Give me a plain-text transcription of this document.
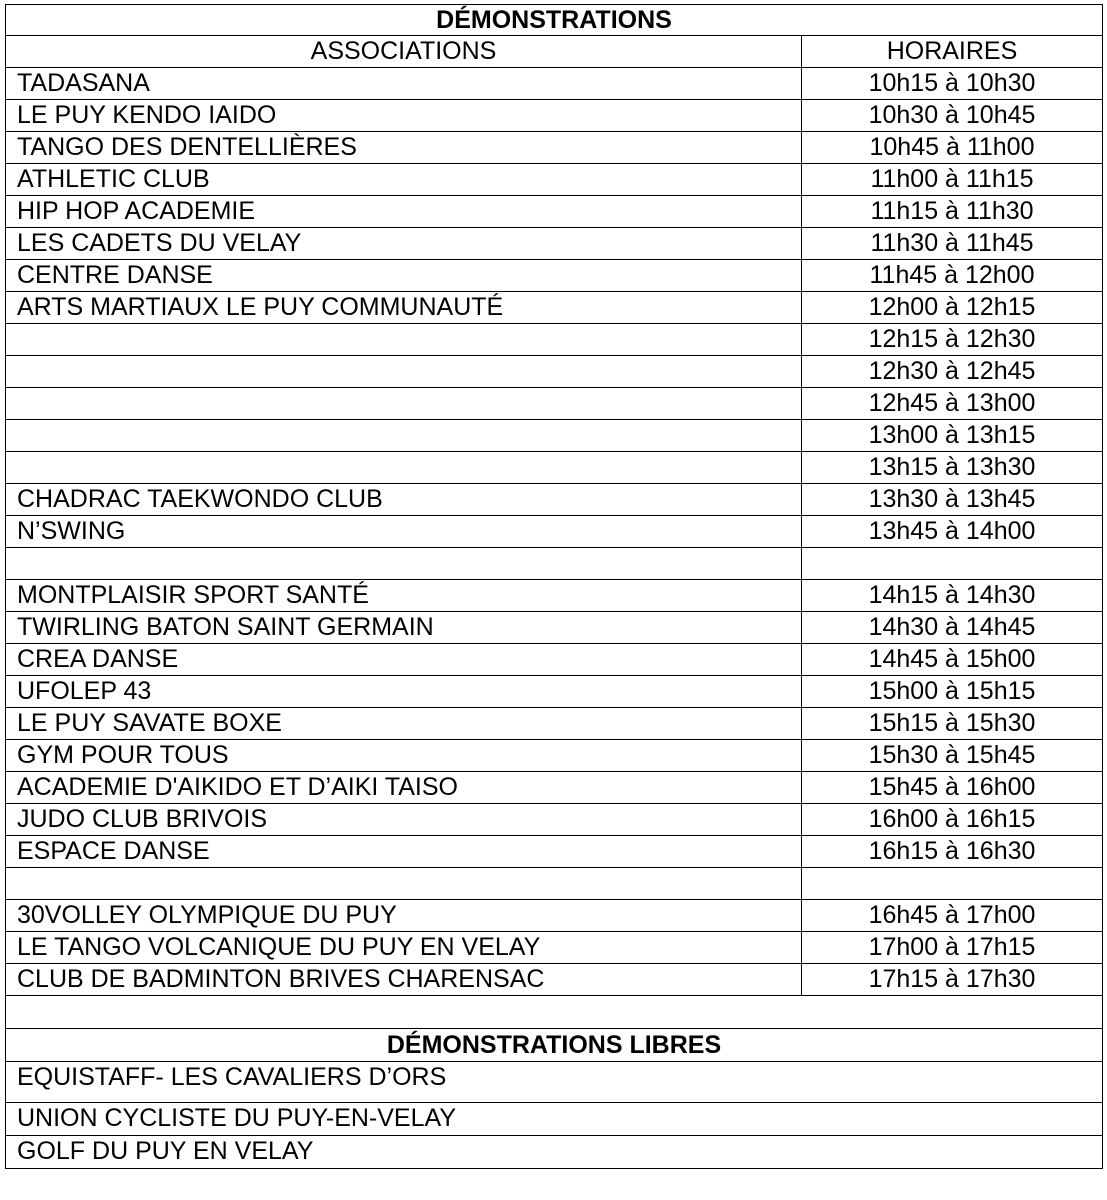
DÉMONSTRATIONS	
ASSOCIATIONS	HORAIRES
TADASANA	10h15 à 10h30
LE PUY KENDO IAIDO	10h30 à 10h45
TANGO DES DENTELLIÈRES	10h45 à 11h00
ATHLETIC CLUB	11h00 à 11h15
HIP HOP ACADEMIE	11h15 à 11h30
LES CADETS DU VELAY	11h30 à 11h45
CENTRE DANSE	11h45 à 12h00
ARTS MARTIAUX LE PUY COMMUNAUTÉ	12h00 à 12h15
	12h15 à 12h30
	12h30 à 12h45
	12h45 à 13h00
	13h00 à 13h15
	13h15 à 13h30
CHADRAC TAEKWONDO CLUB	13h30 à 13h45
N’SWING	13h45 à 14h00

MONTPLAISIR SPORT SANTÉ	14h15 à 14h30
TWIRLING BATON SAINT GERMAIN	14h30 à 14h45
CREA DANSE	14h45 à 15h00
UFOLEP 43	15h00 à 15h15
LE PUY SAVATE BOXE	15h15 à 15h30
GYM POUR TOUS	15h30 à 15h45
ACADEMIE D'AIKIDO ET D’AIKI TAISO	15h45 à 16h00
JUDO CLUB BRIVOIS	16h00 à 16h15
ESPACE DANSE	16h15 à 16h30

30VOLLEY OLYMPIQUE DU PUY	16h45 à 17h00
LE TANGO VOLCANIQUE DU PUY EN VELAY	17h00 à 17h15
CLUB DE BADMINTON BRIVES CHARENSAC	17h15 à 17h30

DÉMONSTRATIONS LIBRES	
EQUISTAFF- LES CAVALIERS D’ORS	
UNION CYCLISTE DU PUY-EN-VELAY	
GOLF DU PUY EN VELAY	
